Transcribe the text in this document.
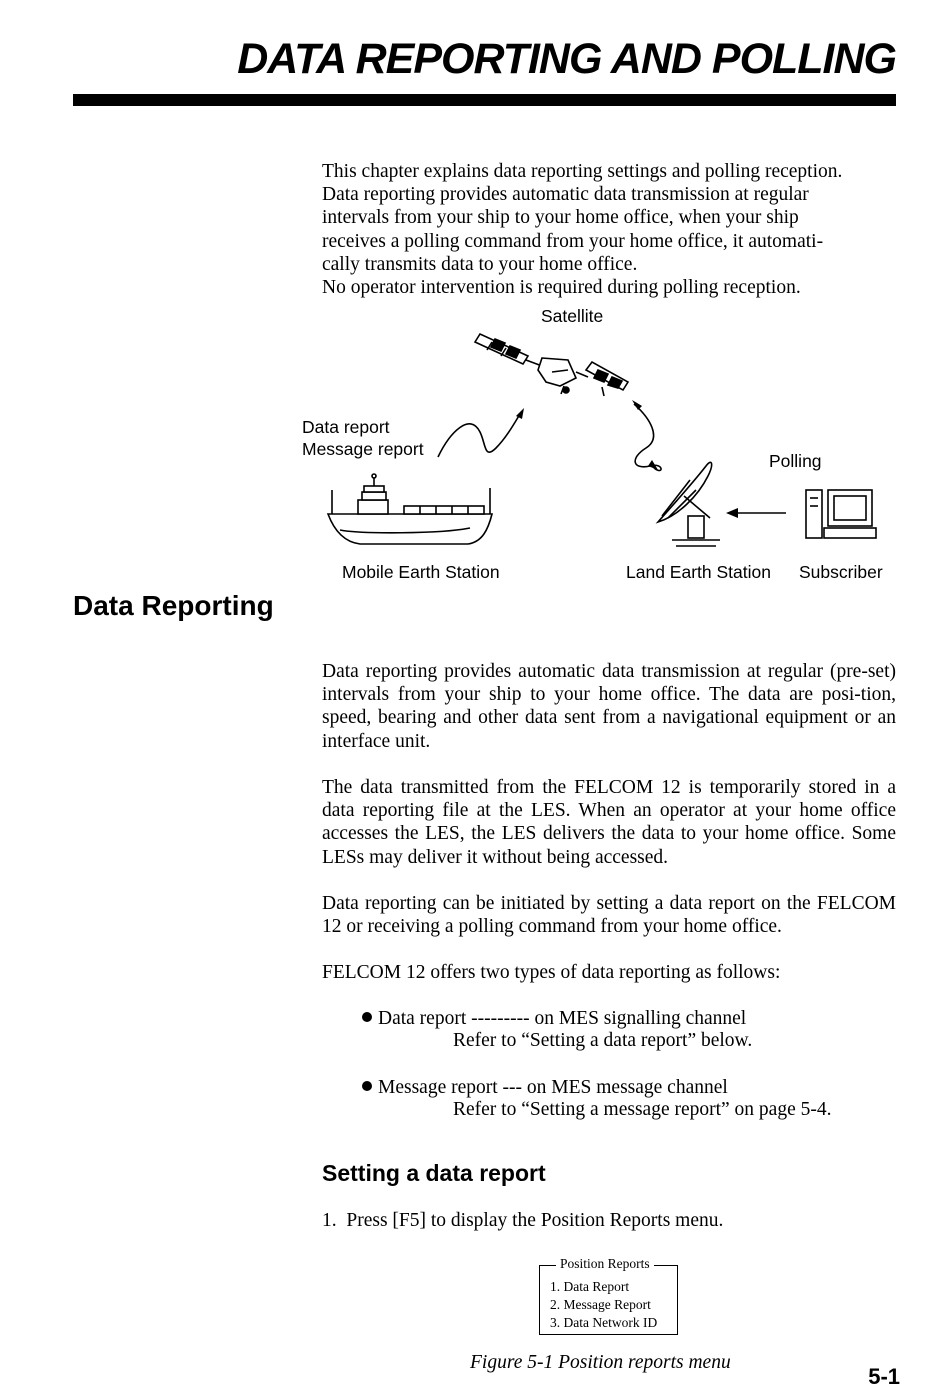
DATA REPORTING AND POLLING
This chapter explains data reporting settings and polling reception.
Data reporting provides automatic data transmission at regular
intervals from your ship to your home office, when your ship
receives a polling command from your home office, it automati-
cally transmits data to your home office.
No operator intervention is required during polling reception.
Satellite
Data report
Message report
Polling
Mobile Earth Station	Land Earth Station Subscriber
Data Reporting
Data reporting provides automatic data transmission at regular (pre-set) intervals from your ship to your home office. The data are posi-tion, speed, bearing and other data sent from a navigational equipment or an interface unit.
The data transmitted from the FELCOM 12 is temporarily stored in a data reporting file at the LES. When an operator at your home office accesses the LES, the LES delivers the data to your home office. Some LESs may deliver it without being accessed.
Data reporting can be initiated by setting a data report on the FELCOM 12 or receiving a polling command from your home office.
FELCOM 12 offers two types of data reporting as follows:
Data report --------- on MES signalling channel
Refer to “Setting a data report” below.
Message report --- on MES message channel
Refer to “Setting a message report” on page 5-4.
Setting a data report
1. Press [F5] to display the Position Reports menu.
Position Reports
1. Data Report
2. Message Report
3. Data Network ID
Figure 5-1 Position reports menu
5-1
